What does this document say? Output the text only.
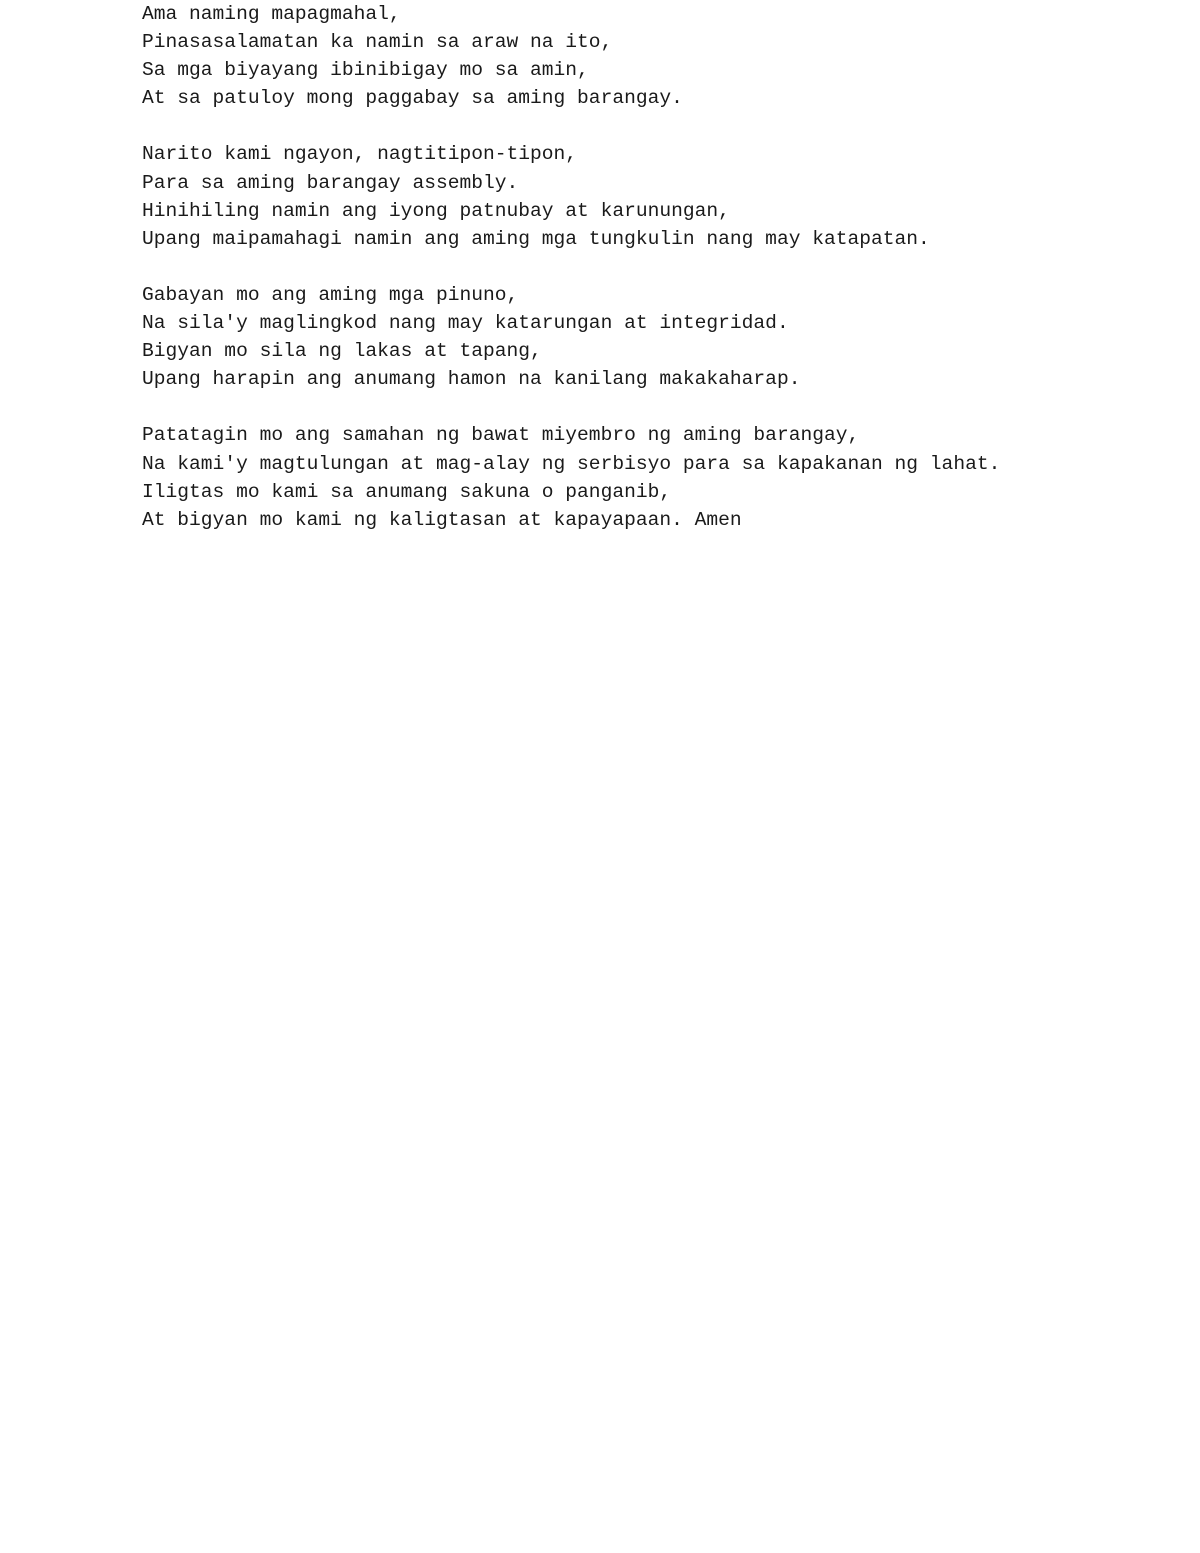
Ama naming mapagmahal,
Pinasasalamatan ka namin sa araw na ito,
Sa mga biyayang ibinibigay mo sa amin,
At sa patuloy mong paggabay sa aming barangay.
Narito kami ngayon, nagtitipon-tipon,
Para sa aming barangay assembly.
Hinihiling namin ang iyong patnubay at karunungan,
Upang maipamahagi namin ang aming mga tungkulin nang may katapatan.
Gabayan mo ang aming mga pinuno,
Na sila'y maglingkod nang may katarungan at integridad.
Bigyan mo sila ng lakas at tapang,
Upang harapin ang anumang hamon na kanilang makakaharap.
Patatagin mo ang samahan ng bawat miyembro ng aming barangay,
Na kami'y magtulungan at mag-alay ng serbisyo para sa kapakanan ng lahat.
Iligtas mo kami sa anumang sakuna o panganib,
At bigyan mo kami ng kaligtasan at kapayapaan. Amen
